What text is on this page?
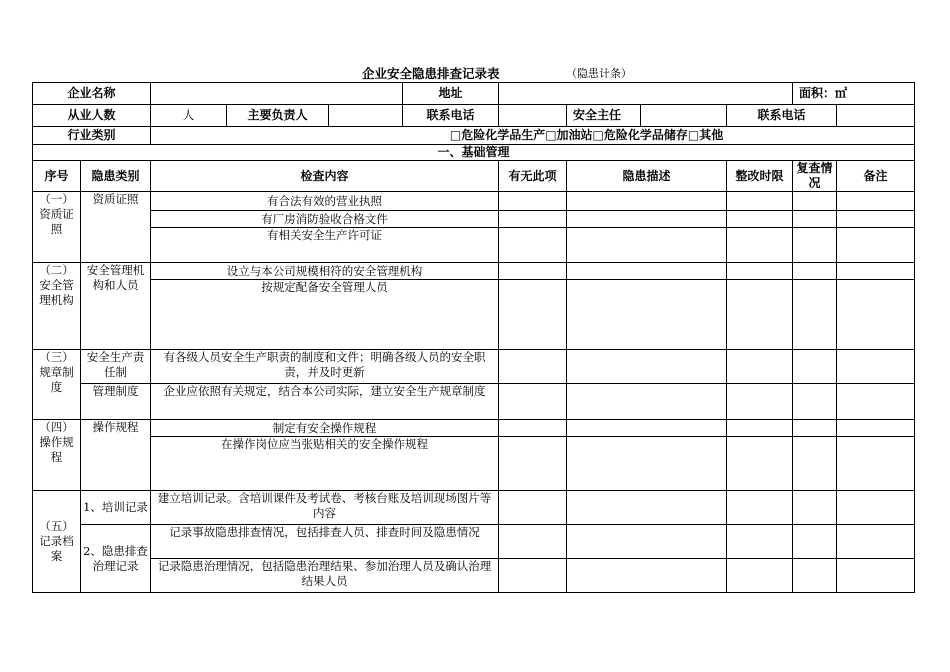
企业安全隐患排查记录表	（隐患计条）
企业名称					地址					面积：㎡	
从业人数		人	主要负责人		联系电话		安全主任		联系电话		
行业类别		□危险化学品生产□加油站□危险化学品储存□其他									
一、基础管理											
序号	隐患类别	检查内容				有无此项	隐患描述		整改时限	复查情况	备注
（一）资质证照	资质证照	有合法有效的营业执照									
		有厂房消防验收合格文件									
		有相关安全生产许可证									
（二）安全管理机构	安全管理机构和人员	设立与本公司规模相符的安全管理机构									
		按规定配备安全管理人员									
（三）规章制 度	安全生产责任制	有各级人员安全生产职责的制度和文件；明确各级人员的安全职责，并及时更新									
	管理制度	企业应依照有关规定，结合本公司实际，建立安全生产规章制度									
（四）操作规程	操作规程	制定有安全操作规程									
		在操作岗位应当张贴相关的安全操作规程									
（五）记录档案	1、培训记录	建立培训记录。含培训课件及考试卷、考核台账及培训现场图片等内容									
	2、隐患排查治理记录	记录事故隐患排查情况，包括排查人员、排查时间及隐患情况									
		记录隐患治理情况，包括隐患治理结果、参加治理人员及确认治理结果人员									
